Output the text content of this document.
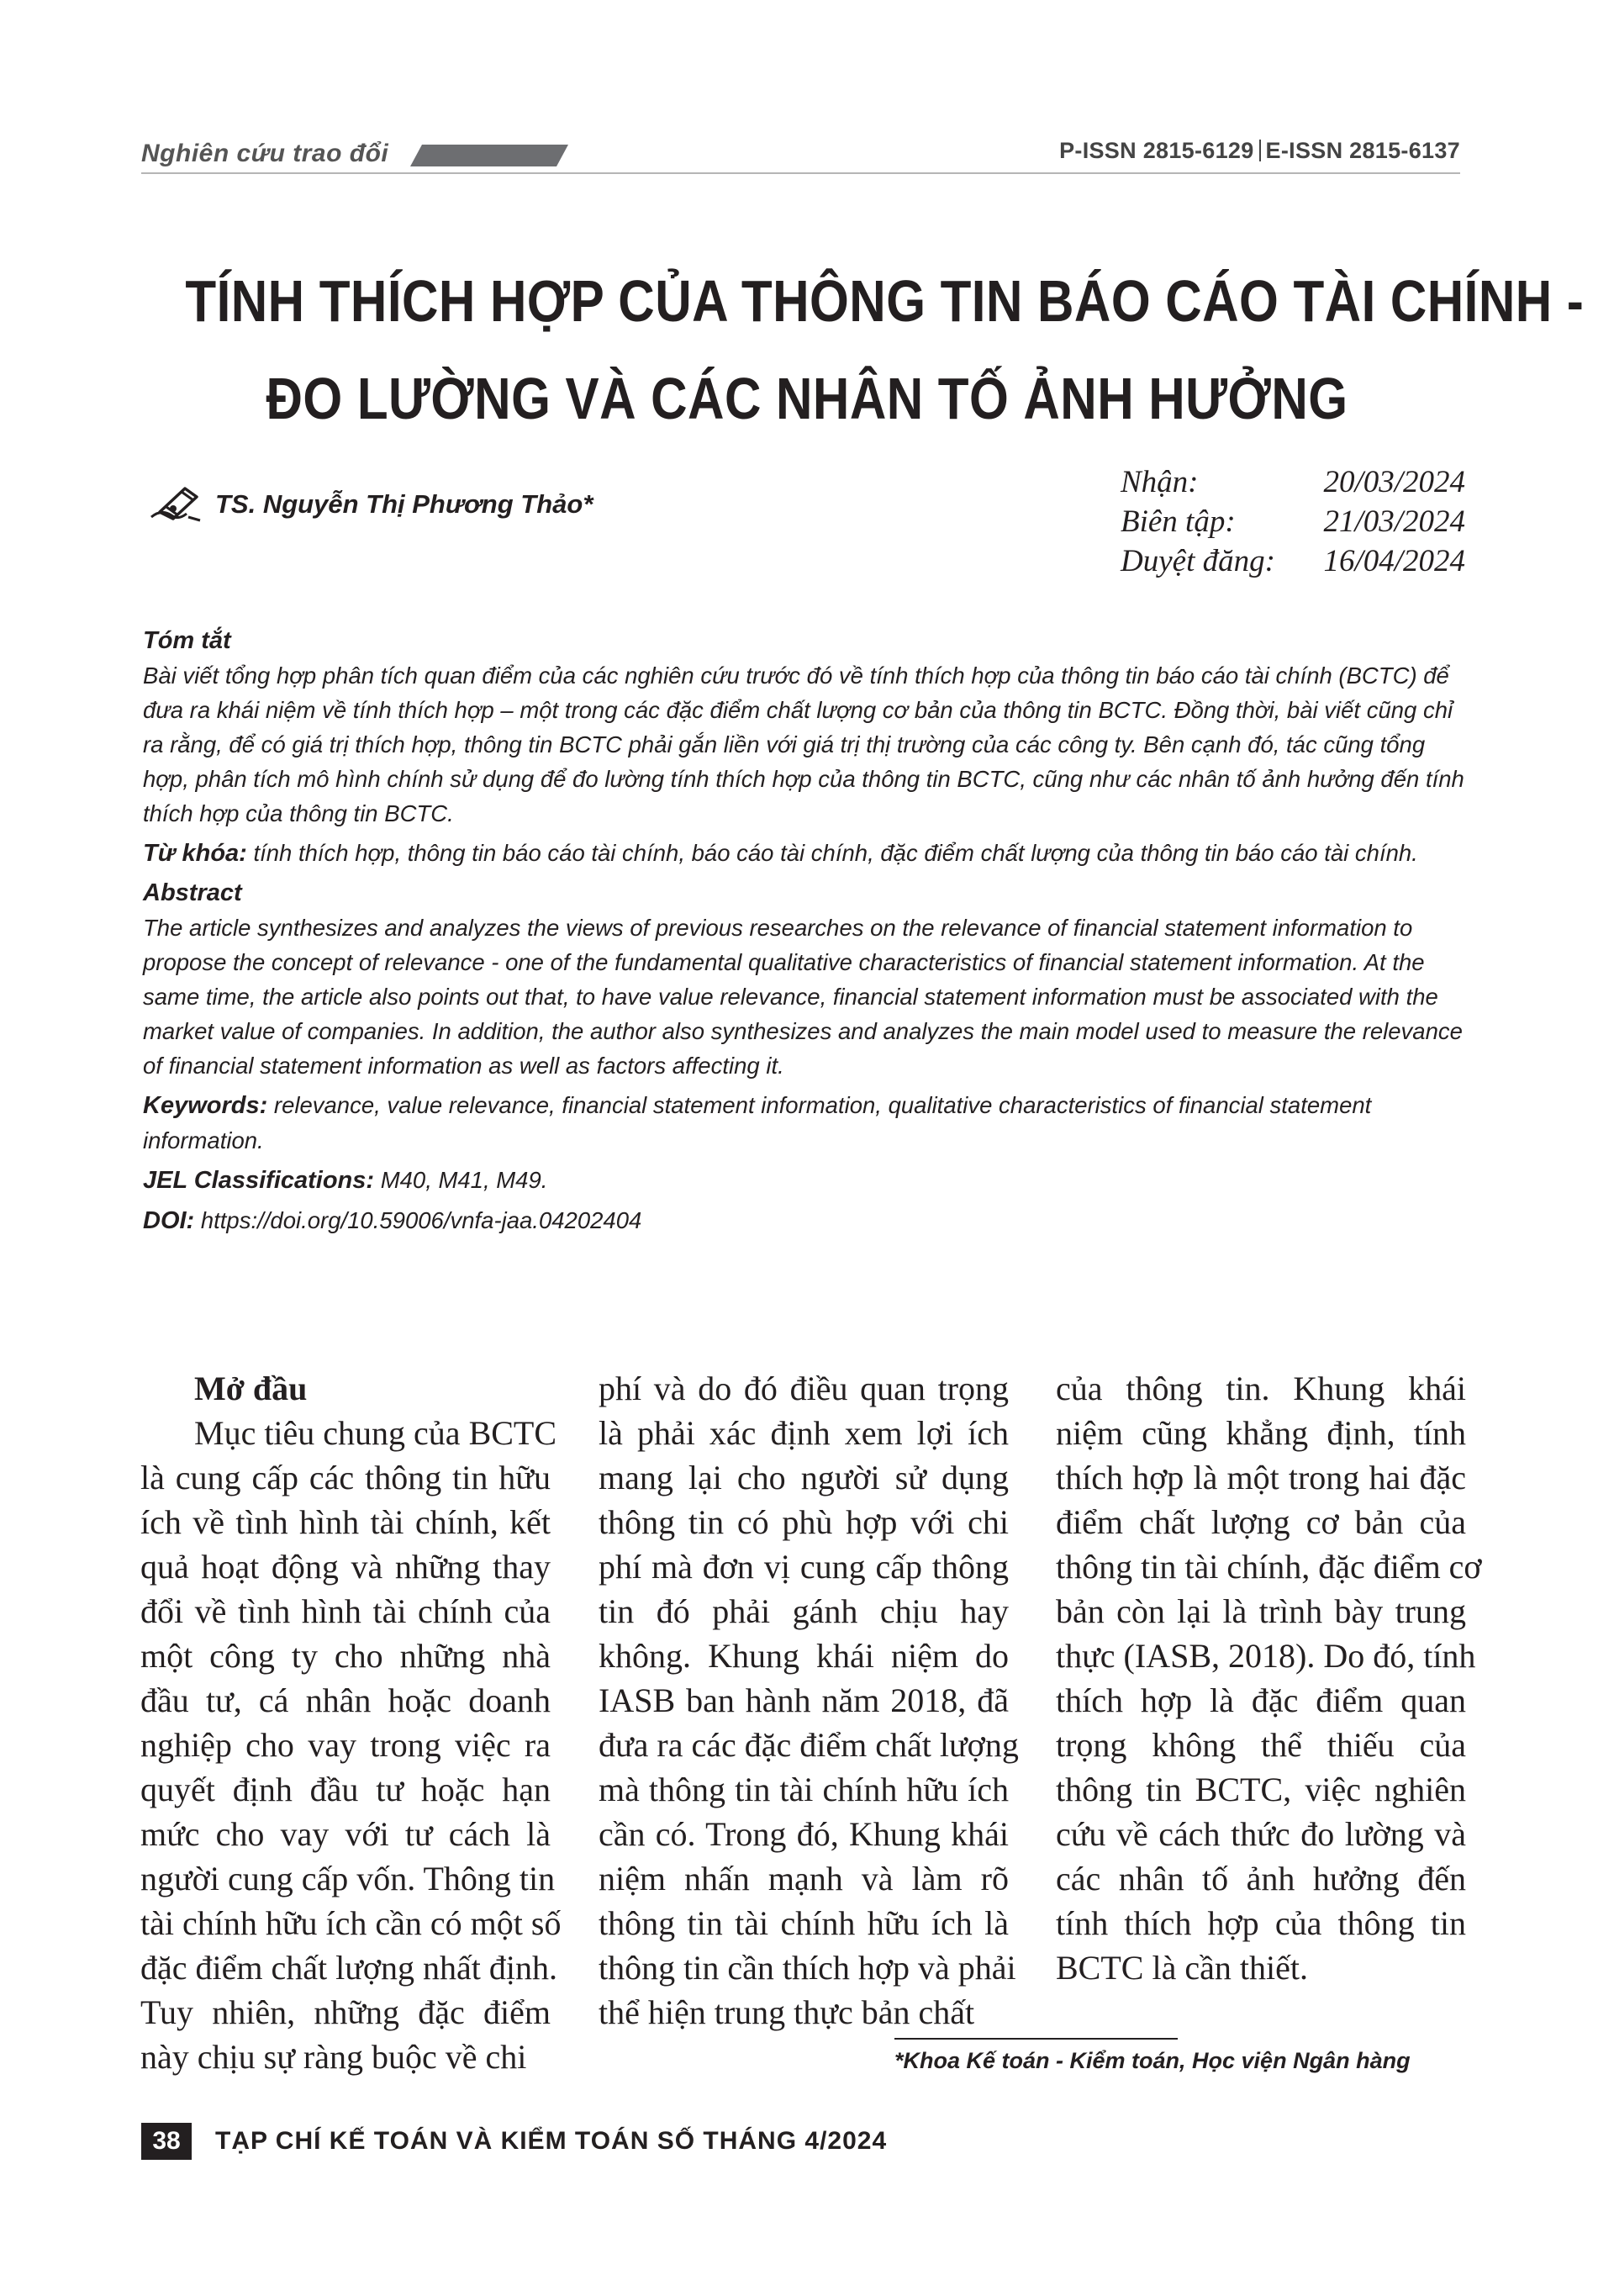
Nghiên cứu trao đổi	P-ISSN 2815-6129 E-ISSN 2815-6137
TÍNH THÍCH HỢP CỦA THÔNG TIN BÁO CÁO TÀI CHÍNH -
ĐO LƯỜNG VÀ CÁC NHÂN TỐ ẢNH HƯỞNG
TS. Nguyễn Thị Phương Thảo*
Nhận:	20/03/2024
Biên tập:	21/03/2024
Duyệt đăng: 16/04/2024

Tóm tắt

Bài viết tổng hợp phân tích quan điểm của các nghiên cứu trước đó về tính thích hợp của thông tin báo cáo tài chính (BCTC) để đưa ra khái niệm về tính thích hợp – một trong các đặc điểm chất lượng cơ bản của thông tin BCTC. Đồng thời, bài viết cũng chỉ ra rằng, để có giá trị thích hợp, thông tin BCTC phải gắn liền với giá trị thị trường của các công ty. Bên cạnh đó, tác cũng tổng hợp, phân tích mô hình chính sử dụng để đo lường tính thích hợp của thông tin BCTC, cũng như các nhân tố ảnh hưởng đến tính thích hợp của thông tin BCTC.

Từ khóa: tính thích hợp, thông tin báo cáo tài chính, báo cáo tài chính, đặc điểm chất lượng của thông tin báo cáo tài chính.

Abstract

The article synthesizes and analyzes the views of previous researches on the relevance of financial statement information to propose the concept of relevance - one of the fundamental qualitative characteristics of financial statement information. At the same time, the article also points out that, to have value relevance, financial statement information must be associated with the market value of companies. In addition, the author also synthesizes and analyzes the main model used to measure the relevance of financial statement information as well as factors affecting it.

Keywords: relevance, value relevance, financial statement information, qualitative characteristics of financial statement information.

JEL Classifications: M40, M41, M49.

DOI: https://doi.org/10.59006/vnfa-jaa.04202404

Mở đầu
Mục tiêu chung của BCTC
là cung cấp các thông tin hữu
ích về tình hình tài chính, kết
quả hoạt động và những thay
đổi về tình hình tài chính của
một công ty cho những nhà
đầu tư, cá nhân hoặc doanh
nghiệp cho vay trong việc ra
quyết định đầu tư hoặc hạn
mức cho vay với tư cách là
người cung cấp vốn. Thông tin
tài chính hữu ích cần có một số
đặc điểm chất lượng nhất định.
Tuy nhiên, những đặc điểm
này chịu sự ràng buộc về chi
phí và do đó điều quan trọng
là phải xác định xem lợi ích
mang lại cho người sử dụng
thông tin có phù hợp với chi
phí mà đơn vị cung cấp thông
tin đó phải gánh chịu hay
không. Khung khái niệm do
IASB ban hành năm 2018, đã
đưa ra các đặc điểm chất lượng
mà thông tin tài chính hữu ích
cần có. Trong đó, Khung khái
niệm nhấn mạnh và làm rõ
thông tin tài chính hữu ích là
thông tin cần thích hợp và phải
thể hiện trung thực bản chất
của thông tin. Khung khái
niệm cũng khẳng định, tính
thích hợp là một trong hai đặc
điểm chất lượng cơ bản của
thông tin tài chính, đặc điểm cơ
bản còn lại là trình bày trung
thực (IASB, 2018). Do đó, tính
thích hợp là đặc điểm quan
trọng không thể thiếu của
thông tin BCTC, việc nghiên
cứu về cách thức đo lường và
các nhân tố ảnh hưởng đến
tính thích hợp của thông tin
BCTC là cần thiết.
*Khoa Kế toán - Kiểm toán, Học viện Ngân hàng
38	TẠP CHÍ KẾ TOÁN VÀ KIỂM TOÁN SỐ THÁNG 4/2024
